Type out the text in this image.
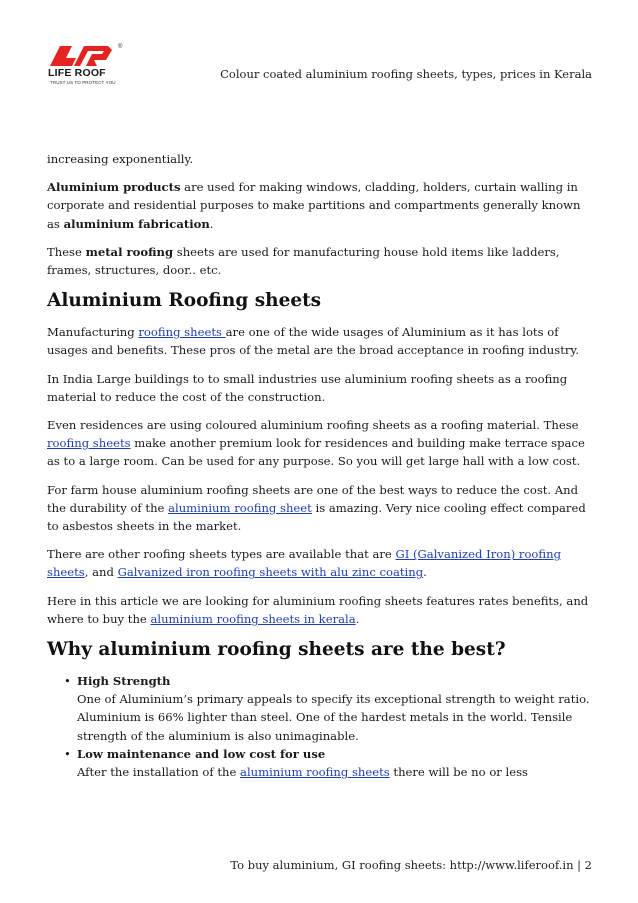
®
LIFE ROOF
TRUST US TO PROTECT YOU
Colour coated aluminium roofing sheets, types, prices in Kerala

increasing exponentially.

Aluminium products are used for making windows, cladding, holders, curtain walling in corporate and residential purposes to make partitions and compartments generally known as aluminium fabrication.

These metal roofing sheets are used for manufacturing house hold items like ladders, frames, structures, door.. etc.

Aluminium Roofing sheets

Manufacturing roofing sheets are one of the wide usages of Aluminium as it has lots of usages and benefits. These pros of the metal are the broad acceptance in roofing industry.

In India Large buildings to to small industries use aluminium roofing sheets as a roofing material to reduce the cost of the construction.

Even residences are using coloured aluminium roofing sheets as a roofing material. These roofing sheets make another premium look for residences and building make terrace space as to a large room. Can be used for any purpose. So you will get large hall with a low cost.

For farm house aluminium roofing sheets are one of the best ways to reduce the cost. And the durability of the aluminium roofing sheet is amazing. Very nice cooling effect compared to asbestos sheets in the market.

There are other roofing sheets types are available that are GI (Galvanized Iron) roofing sheets, and Galvanized iron roofing sheets with alu zinc coating.

Here in this article we are looking for aluminium roofing sheets features rates benefits, and where to buy the aluminium roofing sheets in kerala.

Why aluminium roofing sheets are the best?
• High Strength
One of Aluminium’s primary appeals to specify its exceptional strength to weight ratio. Aluminium is 66% lighter than steel. One of the hardest metals in the world. Tensile strength of the aluminium is also unimaginable.
• Low maintenance and low cost for use
After the installation of the aluminium roofing sheets there will be no or less
To buy aluminium, GI roofing sheets: http://www.liferoof.in | 2
